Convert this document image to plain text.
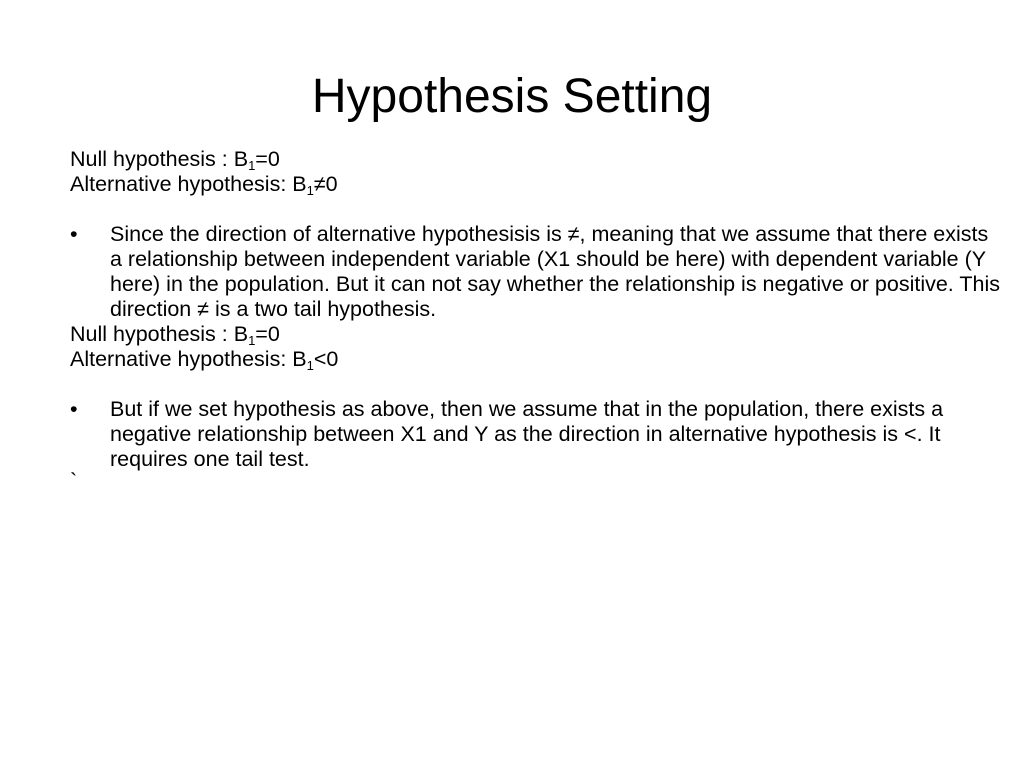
Hypothesis Setting

Null hypothesis : $B_1=0$

Alternative hypothesis: $B_1\ne 0$

• Since the direction of alternative hypothesisis is ≠, meaning that we assume that there exists a relationship between independent variable (X1 should be here) with dependent variable (Y here) in the population. But it can not say whether the relationship is negative or positive. This direction ≠ is a two tail hypothesis.

Null hypothesis : $B_1=0$

Alternative hypothesis: $B_1<0$

• But if we set hypothesis as above, then we assume that in the population, there exists a negative relationship between X1 and Y as the direction in alternative hypothesis is <. It requires one tail test.

`
